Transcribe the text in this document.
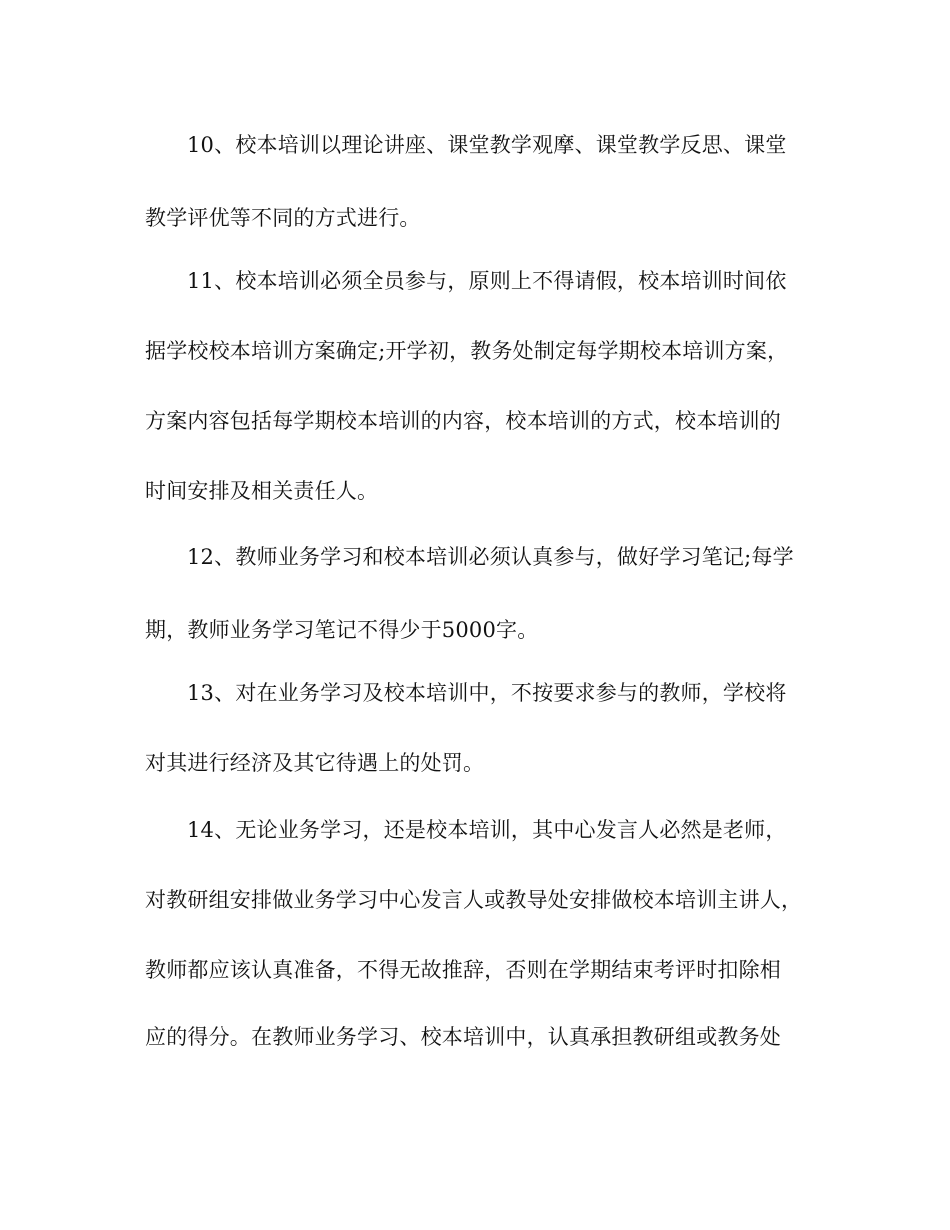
10、校本培训以理论讲座、课堂教学观摩、课堂教学反思、课堂
教学评优等不同的方式进行。
11、校本培训必须全员参与，原则上不得请假，校本培训时间依
据学校校本培训方案确定;开学初，教务处制定每学期校本培训方案，
方案内容包括每学期校本培训的内容，校本培训的方式，校本培训的
时间安排及相关责任人。
12、教师业务学习和校本培训必须认真参与，做好学习笔记;每学
期，教师业务学习笔记不得少于5000字。
13、对在业务学习及校本培训中，不按要求参与的教师，学校将
对其进行经济及其它待遇上的处罚。
14、无论业务学习，还是校本培训，其中心发言人必然是老师，
对教研组安排做业务学习中心发言人或教导处安排做校本培训主讲人，
教师都应该认真准备，不得无故推辞，否则在学期结束考评时扣除相
应的得分。在教师业务学习、校本培训中，认真承担教研组或教务处
